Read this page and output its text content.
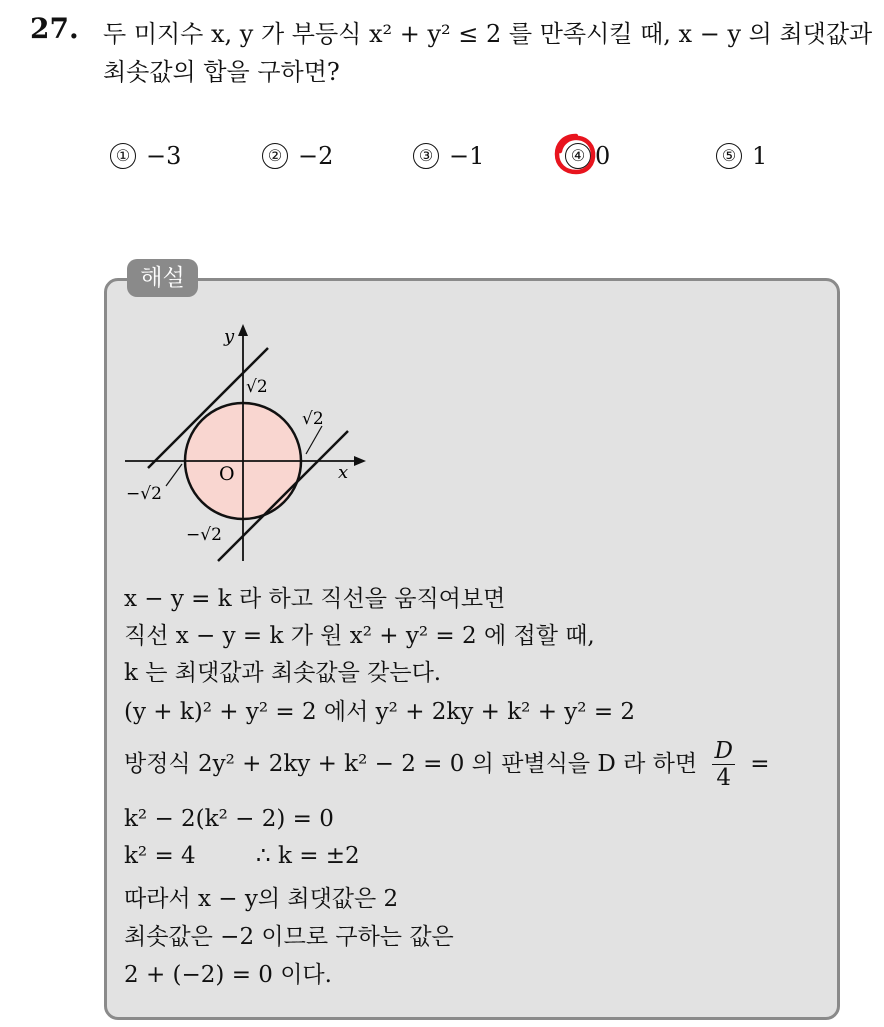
27. 두 미지수 x, y 가 부등식 x² + y² ≤ 2 를 만족시킬 때, x − y 의 최댓값과
최솟값의 합을 구하면?
① −3	② −2	③ −1	④ 0	⑤ 1
해설
y
x
O
√2
√2
−√2
−√2
x − y = k 라 하고 직선을 움직여보면
직선 x − y = k 가 원 x² + y² = 2 에 접할 때,
k 는 최댓값과 최솟값을 갖는다.
(y + k)² + y² = 2 에서 y² + 2ky + k² + y² = 2
방정식 2y² + 2ky + k² − 2 = 0 의 판별식을 D 라 하면 $\frac{D}{4}$ =
k² − 2(k² − 2) = 0
k² = 4	∴ k = ±2
따라서 x − y의 최댓값은 2
최솟값은 −2 이므로 구하는 값은
2 + (−2) = 0 이다.
